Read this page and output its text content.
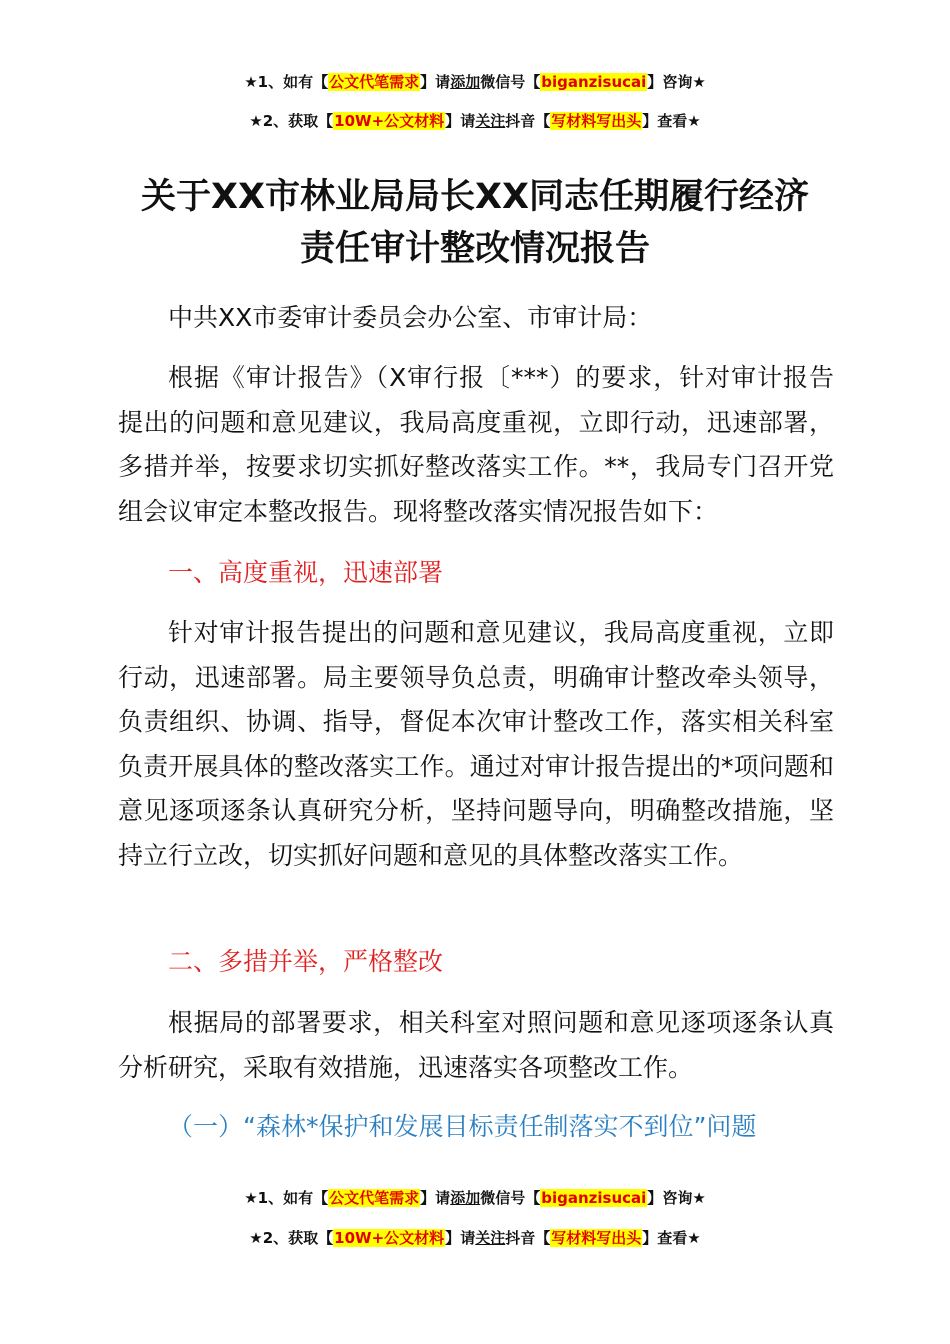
★1、如有【公文代笔需求】请添加微信号【biganzisucai】咨询★
★2、获取【10W+公文材料】请关注抖音【写材料写出头】查看★
关于XX市林业局局长XX同志任期履行经济
责任审计整改情况报告
中共XX市委审计委员会办公室、市审计局：
根据《审计报告》（X审行报〔***）的要求，针对审计报告提出的问题和意见建议，我局高度重视，立即行动，迅速部署，多措并举，按要求切实抓好整改落实工作。**，我局专门召开党组会议审定本整改报告。现将整改落实情况报告如下：
一、高度重视，迅速部署
针对审计报告提出的问题和意见建议，我局高度重视，立即行动，迅速部署。局主要领导负总责，明确审计整改牵头领导，负责组织、协调、指导，督促本次审计整改工作，落实相关科室负责开展具体的整改落实工作。通过对审计报告提出的*项问题和意见逐项逐条认真研究分析，坚持问题导向，明确整改措施，坚持立行立改，切实抓好问题和意见的具体整改落实工作。
二、多措并举，严格整改
根据局的部署要求，相关科室对照问题和意见逐项逐条认真分析研究，采取有效措施，迅速落实各项整改工作。
（一）“森林*保护和发展目标责任制落实不到位”问题
★1、如有【公文代笔需求】请添加微信号【biganzisucai】咨询★
★2、获取【10W+公文材料】请关注抖音【写材料写出头】查看★
